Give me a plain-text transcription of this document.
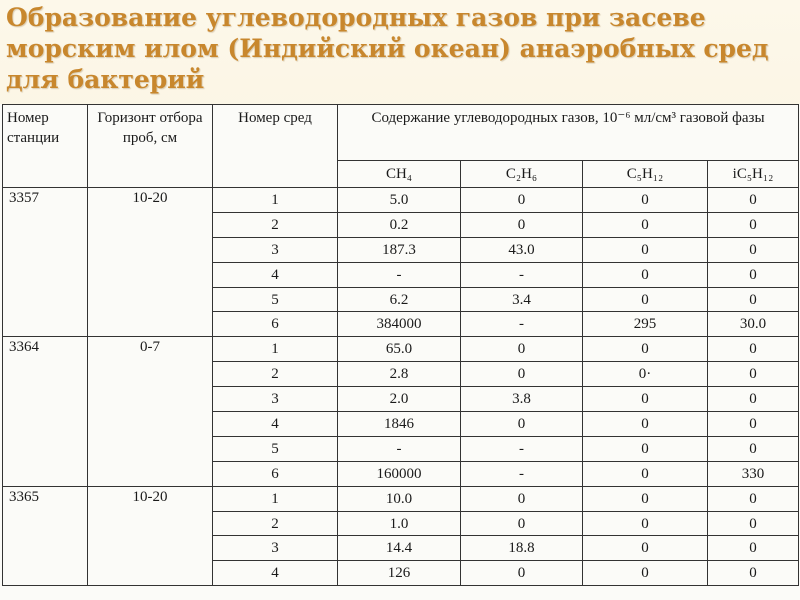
Образование углеводородных газов при засеве морским илом (Индийский океан) анаэробных сред для бактерий
Номер станции	Горизонт отбора проб, см	Номер сред	Содержание углеводородных газов, 10⁻⁶ мл/см³ газовой фазы			
			CH₄	C₂H₆	C₅H₁₂	iC₅H₁₂
3357	10-20	1	5.0	0	0	0
		2	0.2	0	0	0
		3	187.3	43.0	0	0
		4	-	-	0	0
		5	6.2	3.4	0	0
		6	384000	-	295	30.0
3364	0-7	1	65.0	0	0	0
		2	2.8	0	0·	0
		3	2.0	3.8	0	0
		4	1846	0	0	0
		5	-	-	0	0
		6	160000	-	0	330
3365	10-20	1	10.0	0	0	0
		2	1.0	0	0	0
		3	14.4	18.8	0	0
		4	126	0	0	0
